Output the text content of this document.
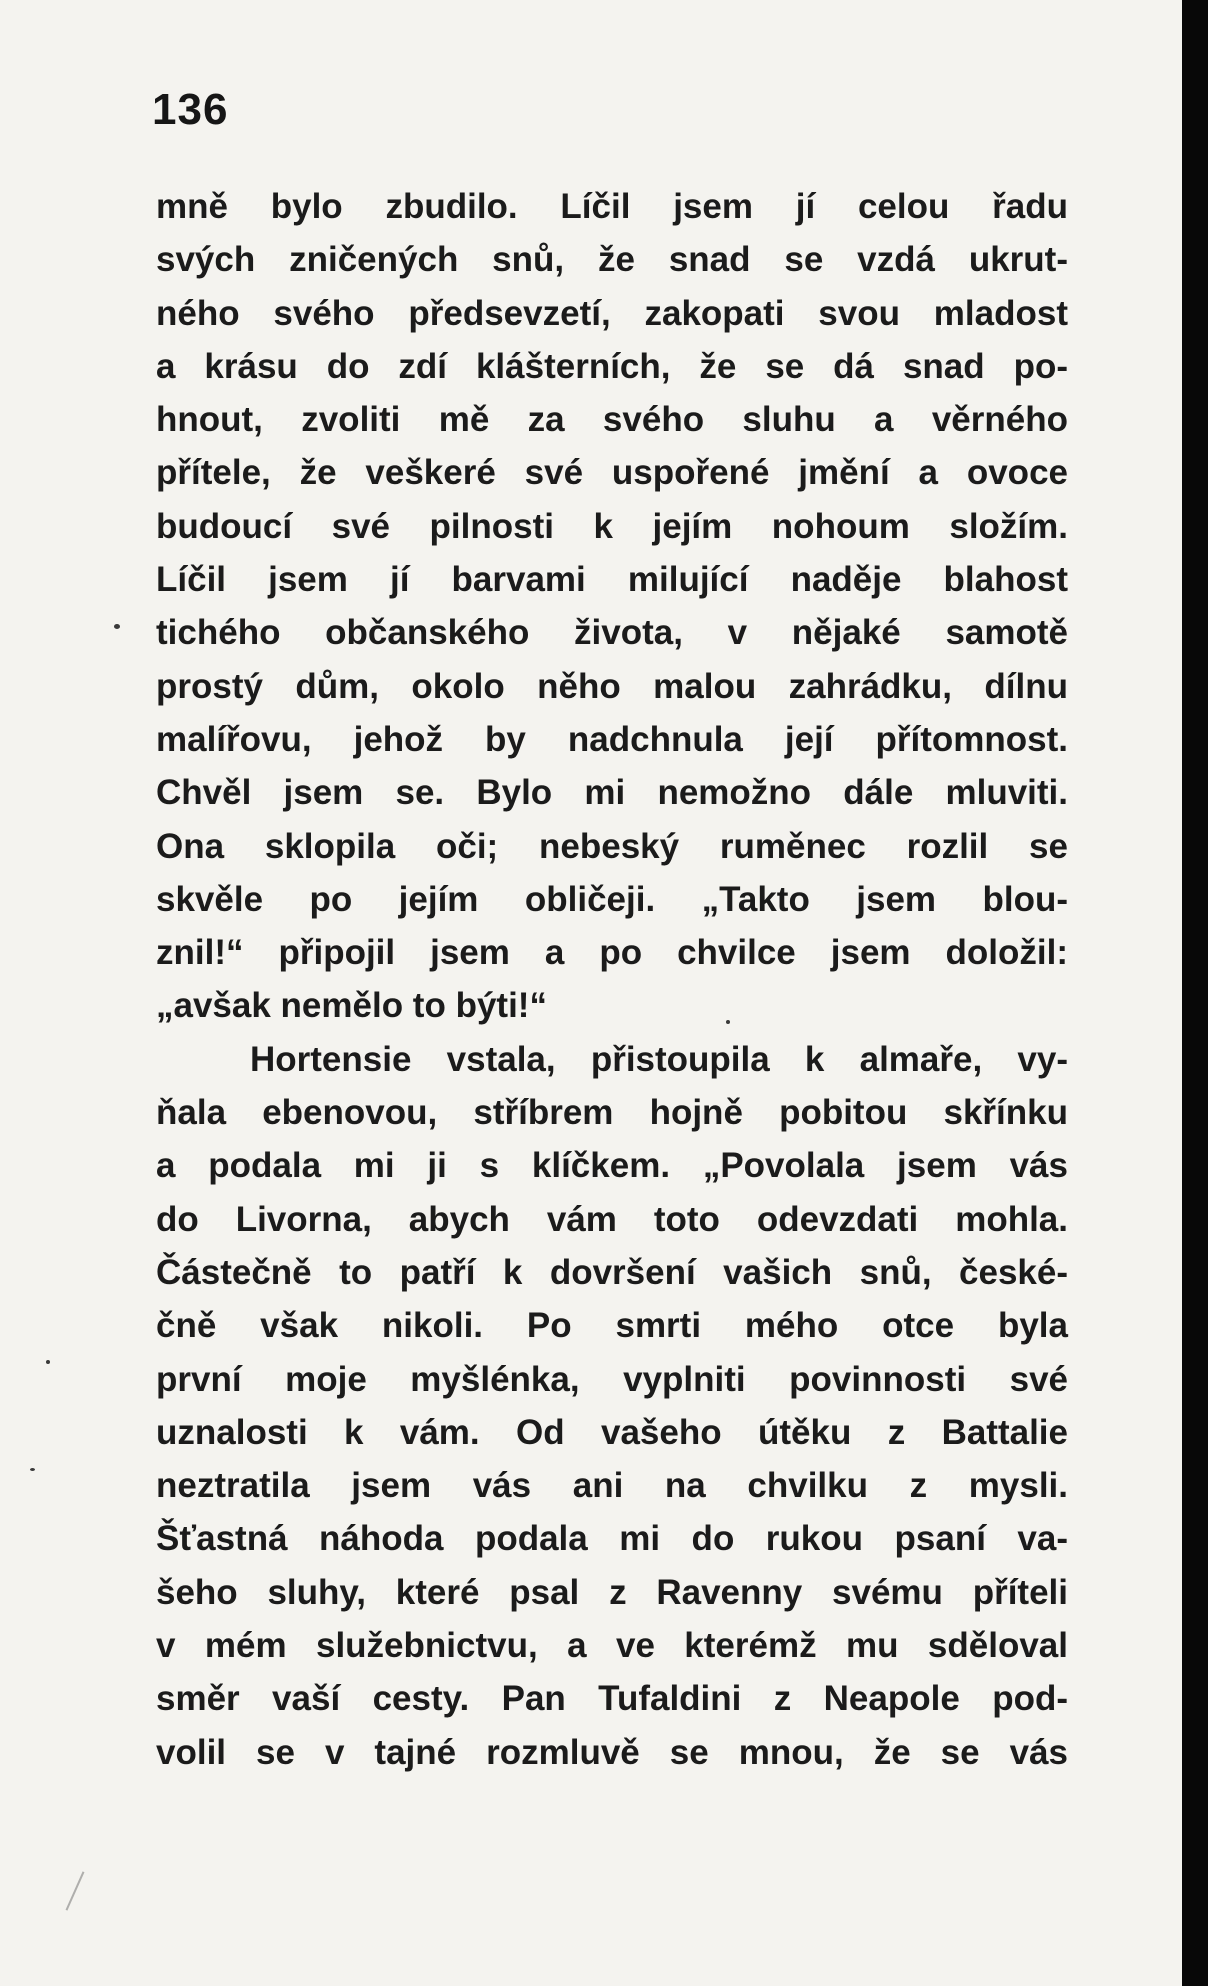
136

mně bylo zbudilo. Líčil jsem jí celou řadu
svých zničených snů, že snad se vzdá ukrut-
ného svého předsevzetí, zakopati svou mladost
a krásu do zdí klášterních, že se dá snad po-
hnout, zvoliti mě za svého sluhu a věrného
přítele, že veškeré své uspořené jmění a ovoce
budoucí své pilnosti k jejím nohoum složím.
Líčil jsem jí barvami milující naděje blahost
tichého občanského života, v nějaké samotě
prostý dům, okolo něho malou zahrádku, dílnu
malířovu, jehož by nadchnula její přítomnost.
Chvěl jsem se. Bylo mi nemožno dále mluviti.
Ona sklopila oči; nebeský ruměnec rozlil se
skvěle po jejím obličeji. „Takto jsem blou-
znil!“ připojil jsem a po chvilce jsem doložil:
„avšak nemělo to býti!“
Hortensie vstala, přistoupila k almaře, vy-
ňala ebenovou, stříbrem hojně pobitou skřínku
a podala mi ji s klíčkem. „Povolala jsem vás
do Livorna, abych vám toto odevzdati mohla.
Částečně to patří k dovršení vašich snů, české-
čně však nikoli. Po smrti mého otce byla
první moje myšlénka, vyplniti povinnosti své
uznalosti k vám. Od vašeho útěku z Battalie
neztratila jsem vás ani na chvilku z mysli.
Šťastná náhoda podala mi do rukou psaní va-
šeho sluhy, které psal z Ravenny svému příteli
v mém služebnictvu, a ve kterémž mu sděloval
směr vaší cesty. Pan Tufaldini z Neapole pod-
volil se v tajné rozmluvě se mnou, že se vás
